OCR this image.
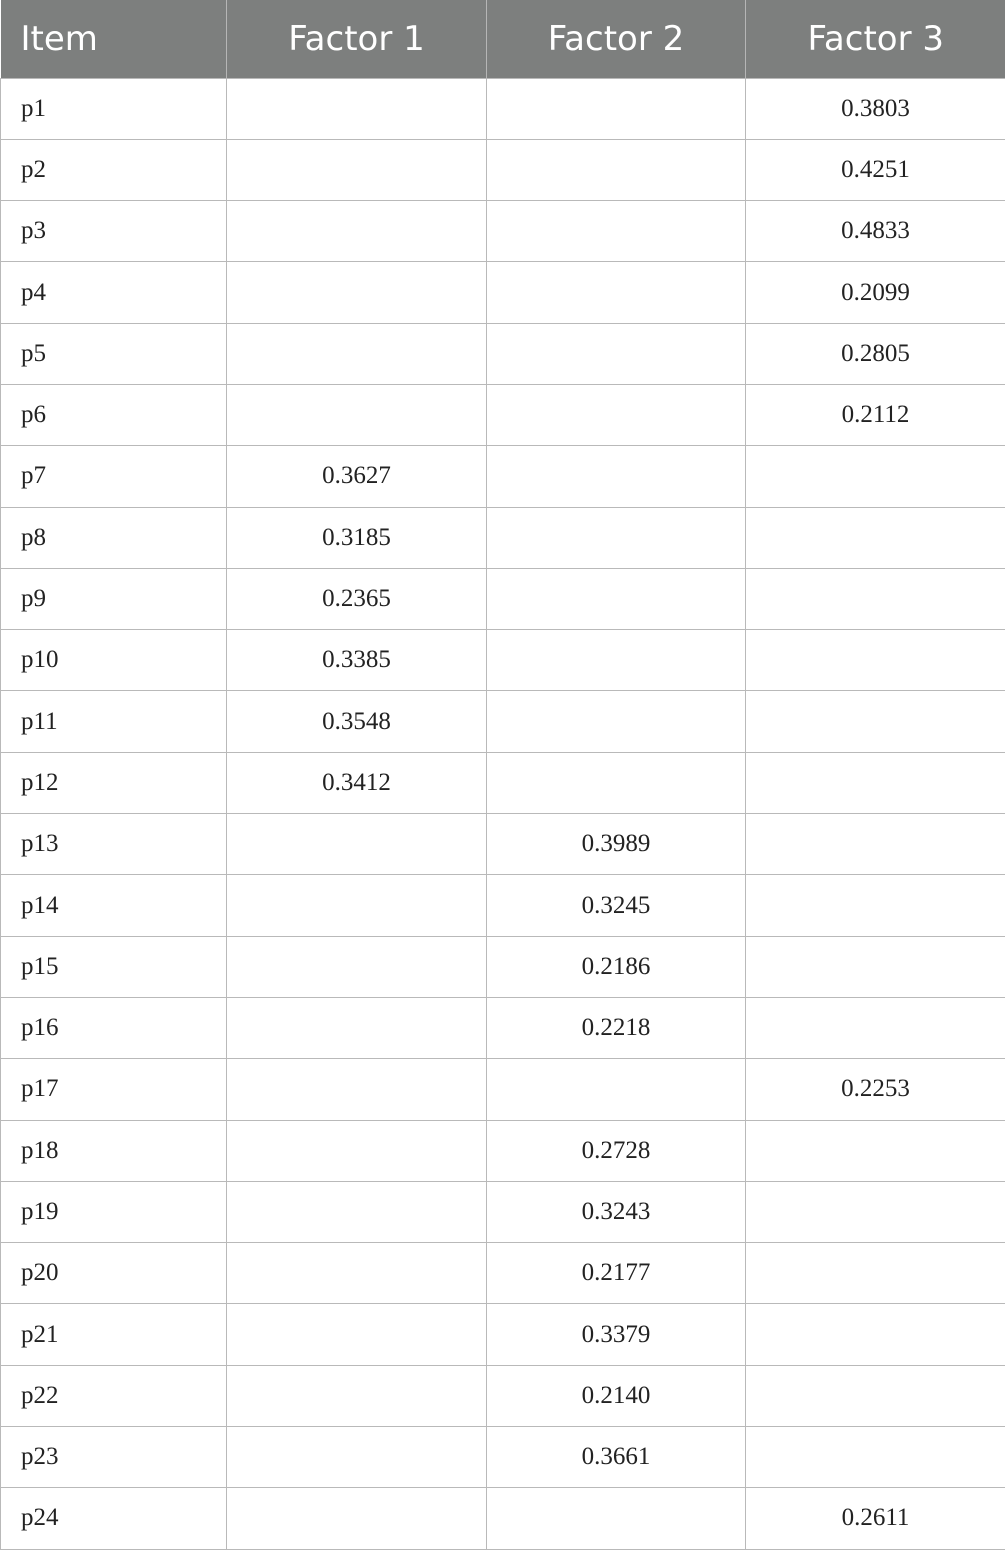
Item	Factor 1	Factor 2	Factor 3
p1			0.3803
p2			0.4251
p3			0.4833
p4			0.2099
p5			0.2805
p6			0.2112
p7	0.3627		
p8	0.3185		
p9	0.2365		
p10	0.3385		
p11	0.3548		
p12	0.3412		
p13		0.3989	
p14		0.3245	
p15		0.2186	
p16		0.2218	
p17			0.2253
p18		0.2728	
p19		0.3243	
p20		0.2177	
p21		0.3379	
p22		0.2140	
p23		0.3661	
p24			0.2611
